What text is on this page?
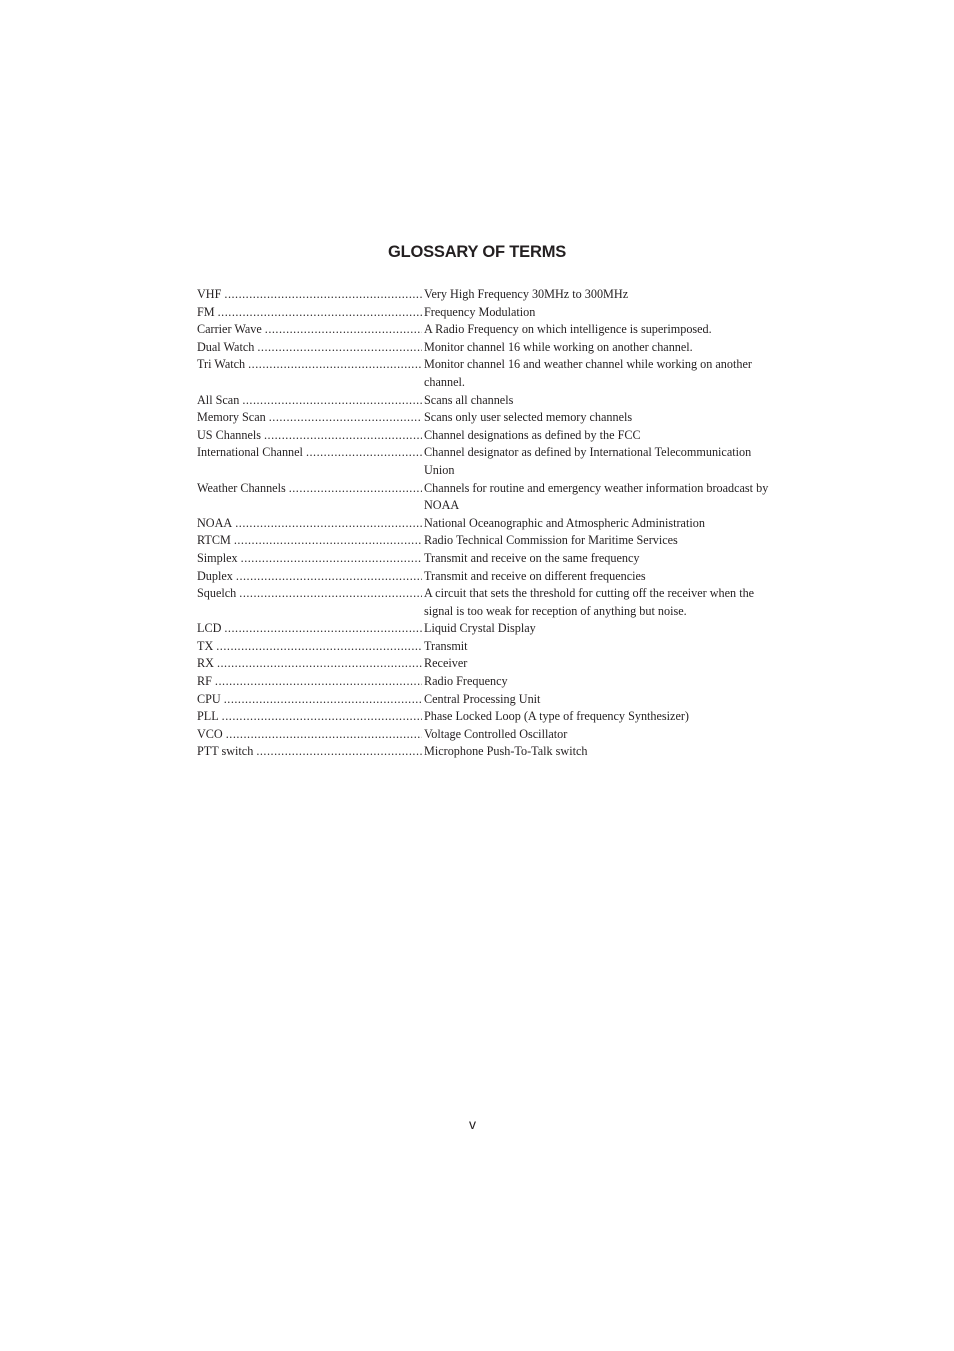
GLOSSARY OF TERMS
VHF .....	Very High Frequency 30MHz to 300MHz
FM .....	Frequency Modulation
Carrier Wave .....	A Radio Frequency on which intelligence is superimposed.
Dual Watch .....	Monitor channel 16 while working on another channel.
Tri Watch .....	Monitor channel 16 and weather channel while working on another channel.
All Scan .....	Scans all channels
Memory Scan .....	Scans only user selected memory channels
US Channels .....	Channel designations as defined by the FCC
International Channel .....	Channel designator as defined by International Telecommunication Union
Weather Channels .....	Channels for routine and emergency weather information broadcast by NOAA
NOAA .....	National Oceanographic and Atmospheric Administration
RTCM .....	Radio Technical Commission for Maritime Services
Simplex .....	Transmit and receive on the same frequency
Duplex .....	Transmit and receive on different frequencies
Squelch .....	A circuit that sets the threshold for cutting off the receiver when the signal is too weak for reception of anything but noise.
LCD .....	Liquid Crystal Display
TX .....	Transmit
RX .....	Receiver
RF .....	Radio Frequency
CPU .....	Central Processing Unit
PLL .....	Phase Locked Loop (A type of frequency Synthesizer)
VCO .....	Voltage Controlled Oscillator
PTT switch .....	Microphone Push-To-Talk switch
v
